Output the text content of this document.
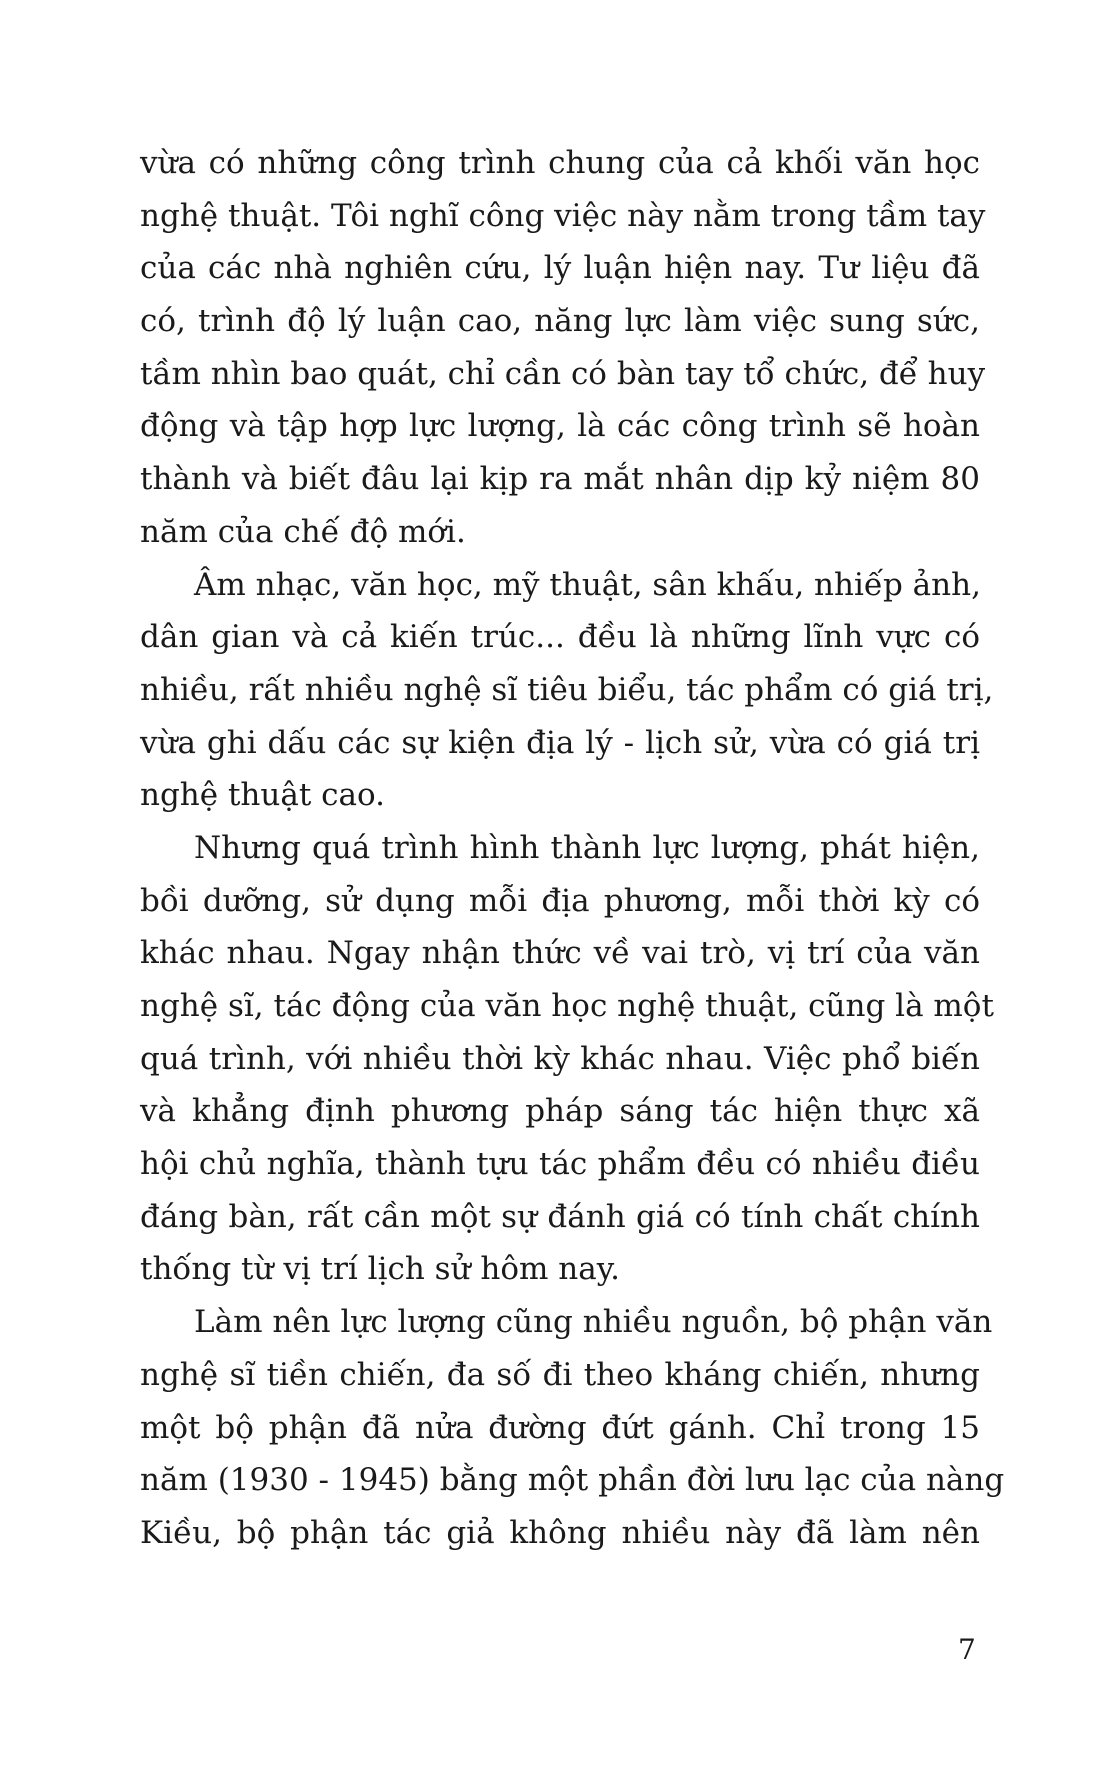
vừa có những công trình chung của cả khối văn học
nghệ thuật. Tôi nghĩ công việc này nằm trong tầm tay
của các nhà nghiên cứu, lý luận hiện nay. Tư liệu đã
có, trình độ lý luận cao, năng lực làm việc sung sức,
tầm nhìn bao quát, chỉ cần có bàn tay tổ chức, để huy
động và tập hợp lực lượng, là các công trình sẽ hoàn
thành và biết đâu lại kịp ra mắt nhân dịp kỷ niệm 80
năm của chế độ mới.
Âm nhạc, văn học, mỹ thuật, sân khấu, nhiếp ảnh,
dân gian và cả kiến trúc... đều là những lĩnh vực có
nhiều, rất nhiều nghệ sĩ tiêu biểu, tác phẩm có giá trị,
vừa ghi dấu các sự kiện địa lý - lịch sử, vừa có giá trị
nghệ thuật cao.
Nhưng quá trình hình thành lực lượng, phát hiện,
bồi dưỡng, sử dụng mỗi địa phương, mỗi thời kỳ có
khác nhau. Ngay nhận thức về vai trò, vị trí của văn
nghệ sĩ, tác động của văn học nghệ thuật, cũng là một
quá trình, với nhiều thời kỳ khác nhau. Việc phổ biến
và khẳng định phương pháp sáng tác hiện thực xã
hội chủ nghĩa, thành tựu tác phẩm đều có nhiều điều
đáng bàn, rất cần một sự đánh giá có tính chất chính
thống từ vị trí lịch sử hôm nay.
Làm nên lực lượng cũng nhiều nguồn, bộ phận văn
nghệ sĩ tiền chiến, đa số đi theo kháng chiến, nhưng
một bộ phận đã nửa đường đứt gánh. Chỉ trong 15
năm (1930 - 1945) bằng một phần đời lưu lạc của nàng
Kiều, bộ phận tác giả không nhiều này đã làm nên
7
